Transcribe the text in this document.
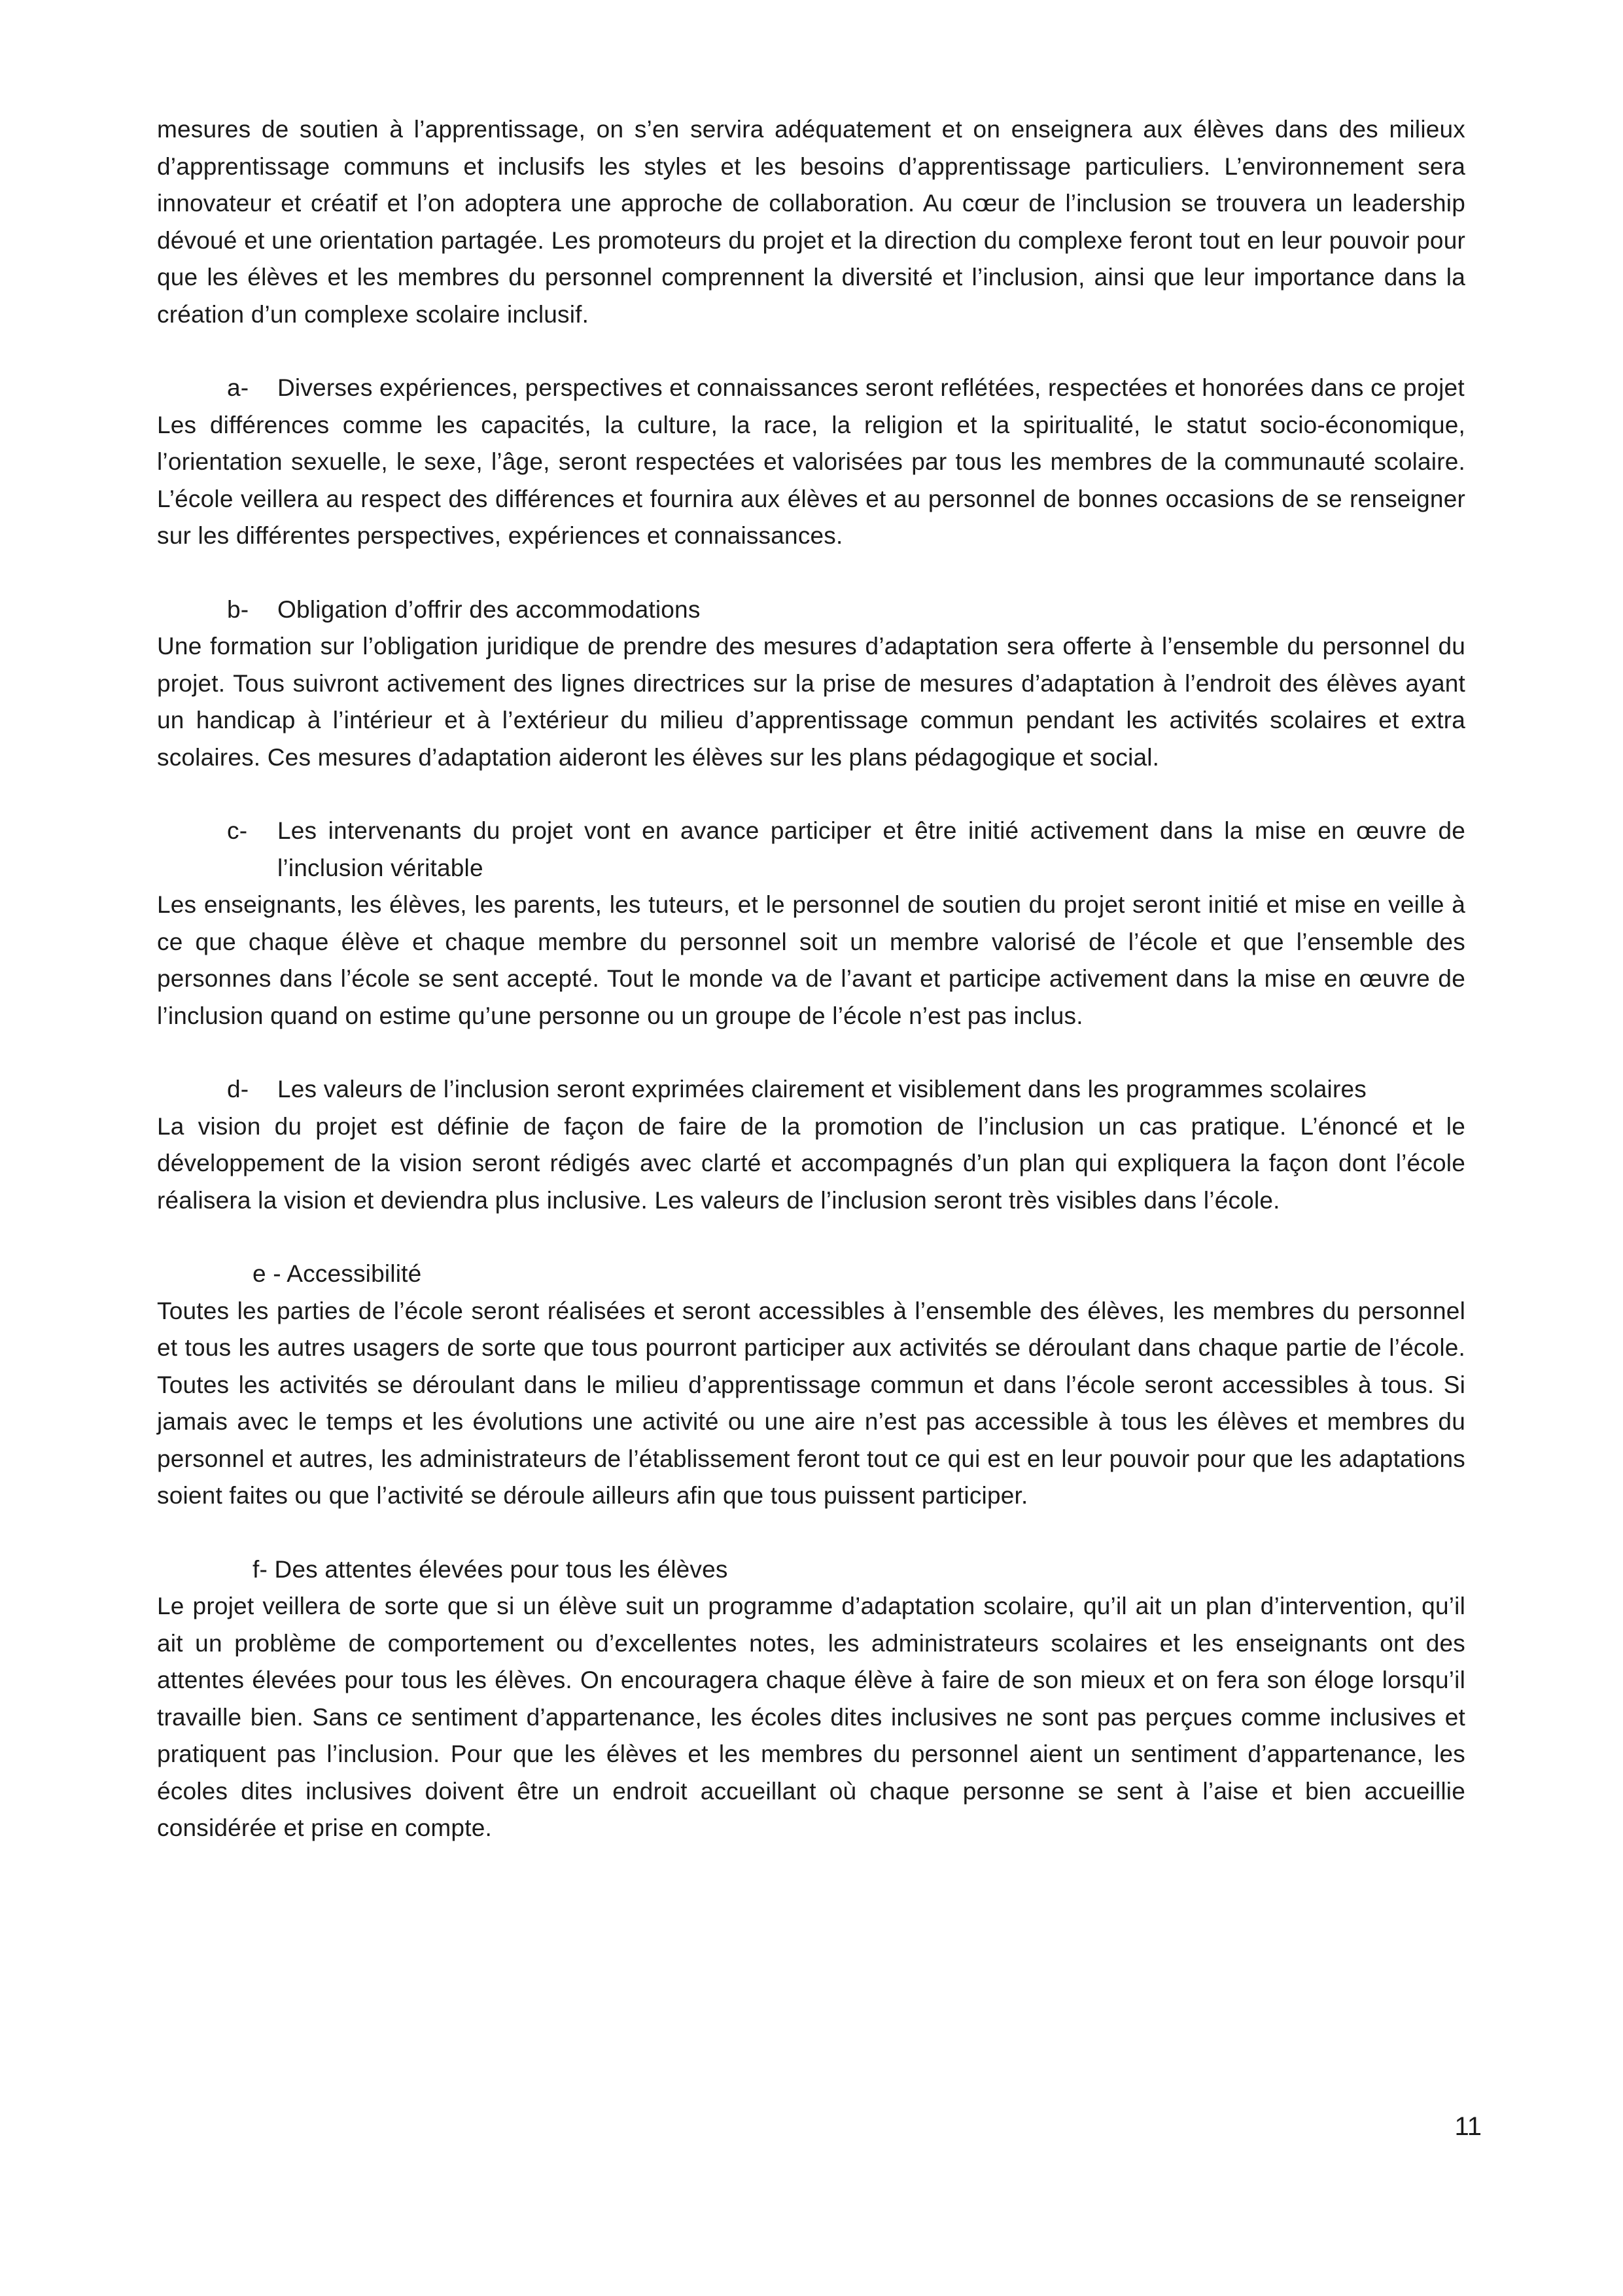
mesures de soutien à l’apprentissage, on s’en servira adéquatement et on enseignera aux élèves dans des milieux d’apprentissage communs et inclusifs les styles et les besoins d’apprentissage particuliers. L’environnement sera innovateur et créatif et l’on adoptera une approche de collaboration. Au cœur de l’inclusion se trouvera un leadership dévoué et une orientation partagée. Les promoteurs du projet et la direction du complexe feront tout en leur pouvoir pour que les élèves et les membres du personnel comprennent la diversité et l’inclusion, ainsi que leur importance dans la création d’un complexe scolaire inclusif.

a-	Diverses expériences, perspectives et connaissances seront reflétées, respectées et honorées dans ce projet

Les différences comme les capacités, la culture, la race, la religion et la spiritualité, le statut socio-économique, l’orientation sexuelle, le sexe, l’âge, seront respectées et valorisées par tous les membres de la communauté scolaire. L’école veillera au respect des différences et fournira aux élèves et au personnel de bonnes occasions de se renseigner sur les différentes perspectives, expériences et connaissances.

b-	Obligation d’offrir des accommodations

Une formation sur l’obligation juridique de prendre des mesures d’adaptation sera offerte à l’ensemble du personnel du projet. Tous suivront activement des lignes directrices sur la prise de mesures d’adaptation à l’endroit des élèves ayant un handicap à l’intérieur et à l’extérieur du milieu d’apprentissage commun pendant les activités scolaires et extra scolaires. Ces mesures d’adaptation aideront les élèves sur les plans pédagogique et social.

c-	Les intervenants du projet vont en avance participer et être initié activement dans la mise en œuvre de l’inclusion véritable

Les enseignants, les élèves, les parents, les tuteurs, et le personnel de soutien du projet seront initié et mise en veille à ce que chaque élève et chaque membre du personnel soit un membre valorisé de l’école et que l’ensemble des personnes dans l’école se sent accepté. Tout le monde va de l’avant et participe activement dans la mise en œuvre de l’inclusion quand on estime qu’une personne ou un groupe de l’école n’est pas inclus.

d-	Les valeurs de l’inclusion seront exprimées clairement et visiblement dans les programmes scolaires

La vision du projet est définie de façon de faire de la promotion de l’inclusion un cas pratique. L’énoncé et le développement de la vision seront rédigés avec clarté et accompagnés d’un plan qui expliquera la façon dont l’école réalisera la vision et deviendra plus inclusive. Les valeurs de l’inclusion seront très visibles dans l’école.

e - Accessibilité

Toutes les parties de l’école seront réalisées et seront accessibles à l’ensemble des élèves, les membres du personnel et tous les autres usagers de sorte que tous pourront participer aux activités se déroulant dans chaque partie de l’école. Toutes les activités se déroulant dans le milieu d’apprentissage commun et dans l’école seront accessibles à tous. Si jamais avec le temps et les évolutions une activité ou une aire n’est pas accessible à tous les élèves et membres du personnel et autres, les administrateurs de l’établissement feront tout ce qui est en leur pouvoir pour que les adaptations soient faites ou que l’activité se déroule ailleurs afin que tous puissent participer.

f- Des attentes élevées pour tous les élèves

Le projet veillera de sorte que si un élève suit un programme d’adaptation scolaire, qu’il ait un plan d’intervention, qu’il ait un problème de comportement ou d’excellentes notes, les administrateurs scolaires et les enseignants ont des attentes élevées pour tous les élèves. On encouragera chaque élève à faire de son mieux et on fera son éloge lorsqu’il travaille bien. Sans ce sentiment d’appartenance, les écoles dites inclusives ne sont pas perçues comme inclusives et pratiquent pas l’inclusion. Pour que les élèves et les membres du personnel aient un sentiment d’appartenance, les écoles dites inclusives doivent être un endroit accueillant où chaque personne se sent à l’aise et bien accueillie considérée et prise en compte.

11
